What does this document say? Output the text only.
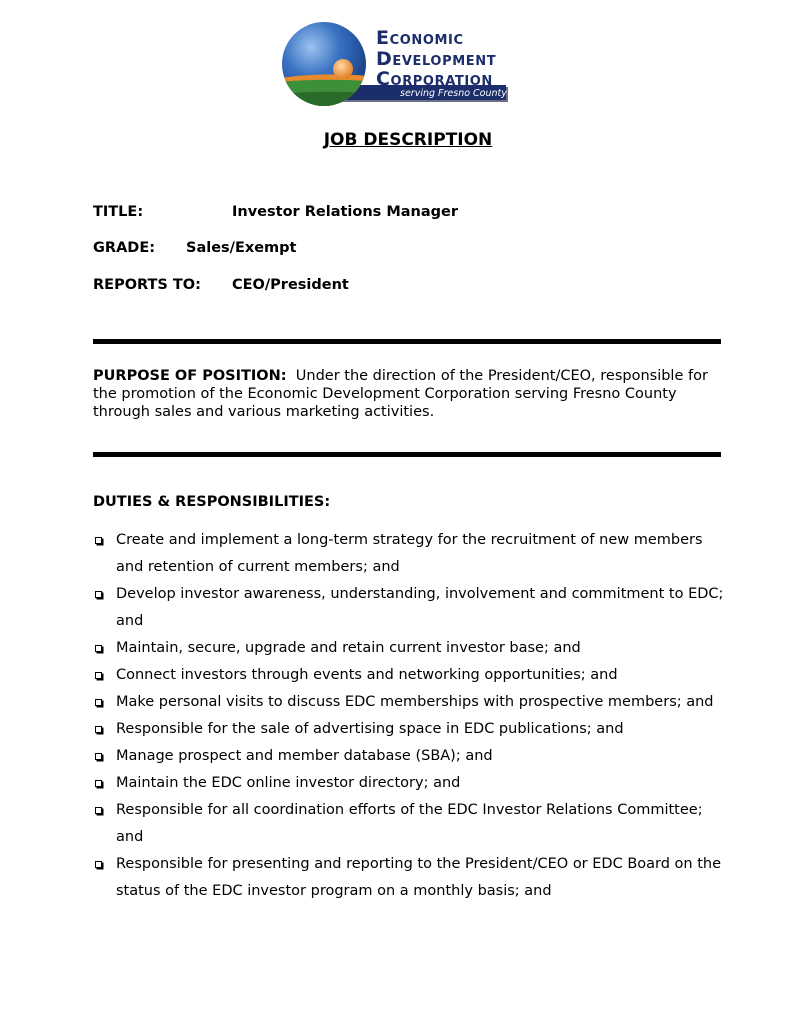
ECONOMIC
DEVELOPMENT
CORPORATION
serving Fresno County
JOB DESCRIPTION
TITLE:	Investor Relations Manager
GRADE: Sales/Exempt
REPORTS TO: CEO/President
PURPOSE OF POSITION: Under the direction of the President/CEO, responsible for the promotion of the Economic Development Corporation serving Fresno County through sales and various marketing activities.
DUTIES & RESPONSIBILITIES:
Create and implement a long-term strategy for the recruitment of new members and retention of current members; and
Develop investor awareness, understanding, involvement and commitment to EDC; and
Maintain, secure, upgrade and retain current investor base; and
Connect investors through events and networking opportunities; and
Make personal visits to discuss EDC memberships with prospective members; and
Responsible for the sale of advertising space in EDC publications; and
Manage prospect and member database (SBA); and
Maintain the EDC online investor directory; and
Responsible for all coordination efforts of the EDC Investor Relations Committee; and
Responsible for presenting and reporting to the President/CEO or EDC Board on the status of the EDC investor program on a monthly basis; and
